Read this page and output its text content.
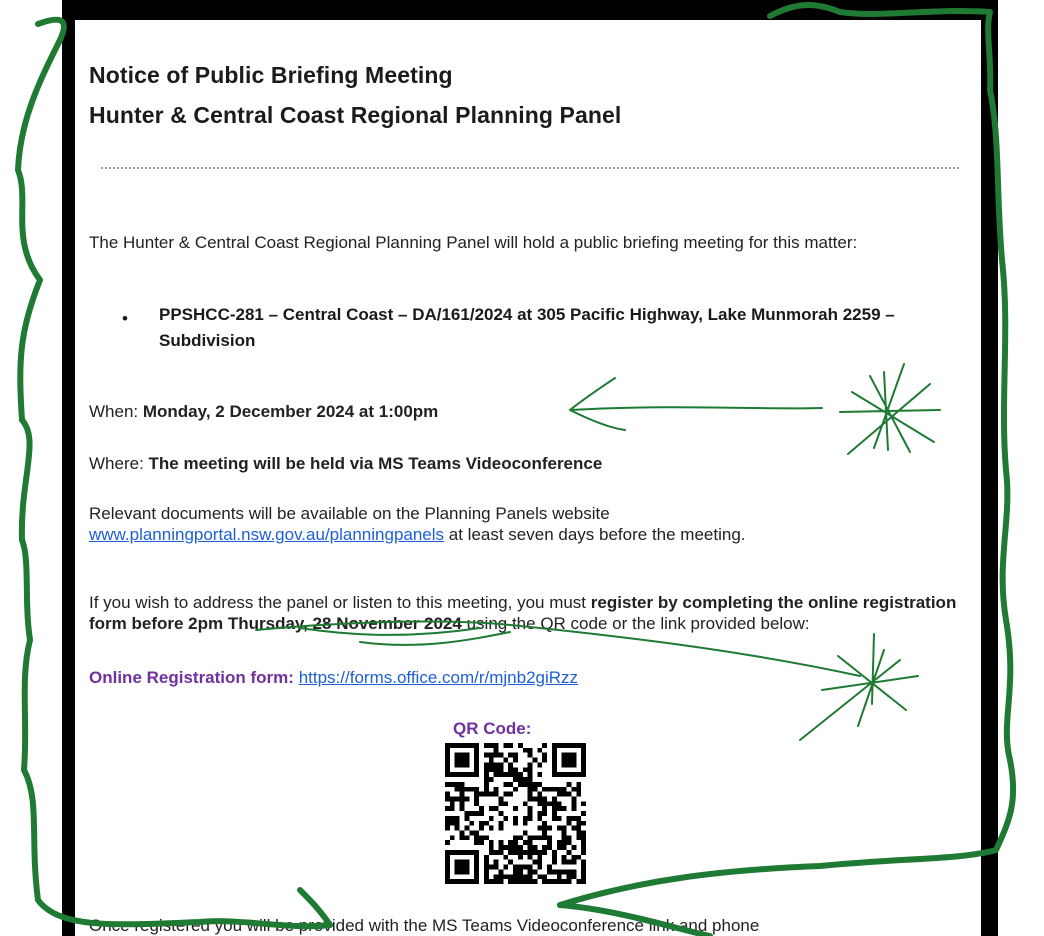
Notice of Public Briefing Meeting
Hunter & Central Coast Regional Planning Panel
The Hunter & Central Coast Regional Planning Panel will hold a public briefing meeting for this matter:
• PPSHCC-281 – Central Coast – DA/161/2024 at 305 Pacific Highway, Lake Munmorah 2259 – Subdivision
When: Monday, 2 December 2024 at 1:00pm
Where: The meeting will be held via MS Teams Videoconference
Relevant documents will be available on the Planning Panels website
www.planningportal.nsw.gov.au/planningpanels at least seven days before the meeting.
If you wish to address the panel or listen to this meeting, you must register by completing the online registration form before 2pm Thursday, 28 November 2024 using the QR code or the link provided below:
Online Registration form: https://forms.office.com/r/mjnb2giRzz
QR Code:
Once registered you will be provided with the MS Teams Videoconference link and phone
